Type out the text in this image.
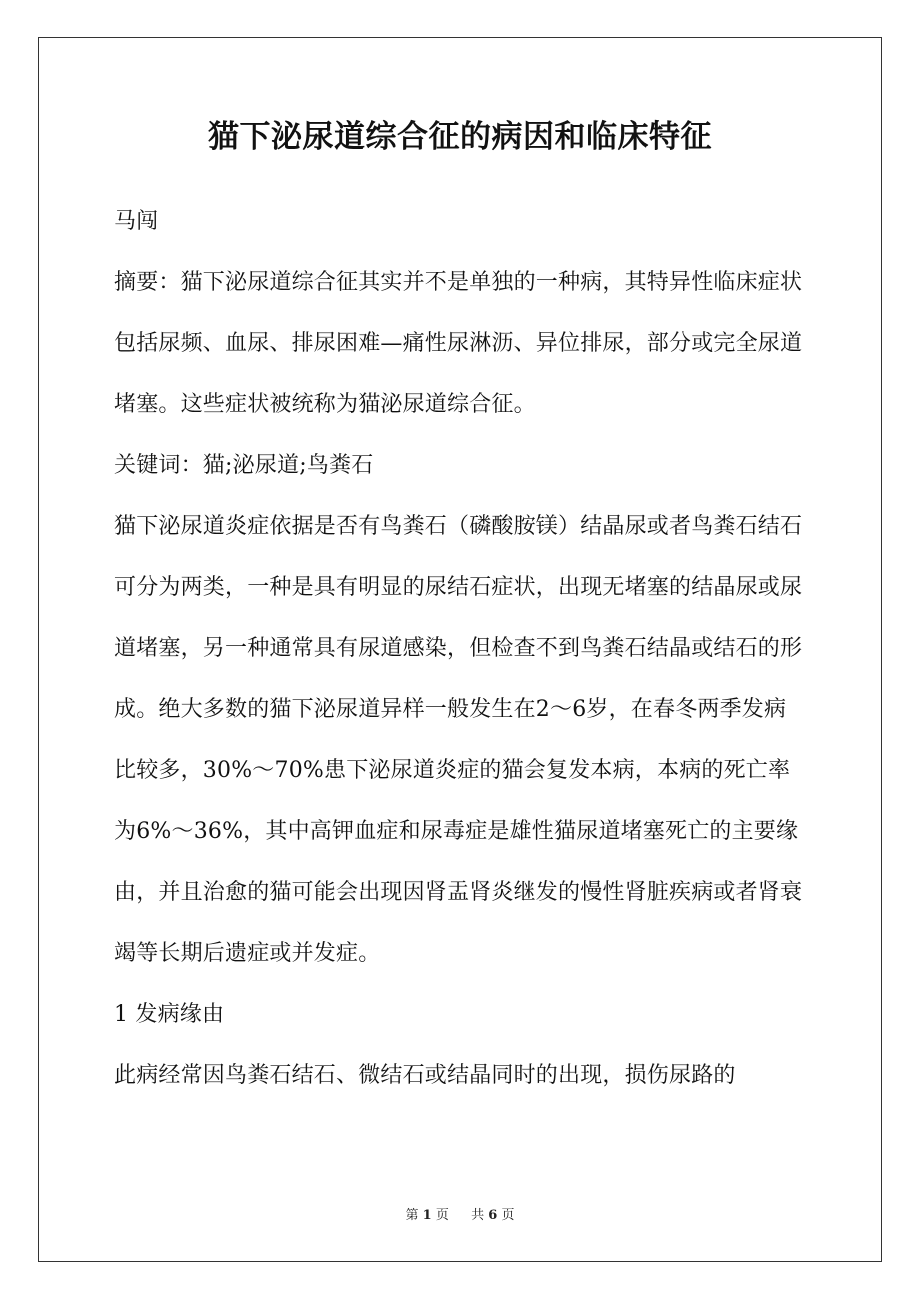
猫下泌尿道综合征的病因和临床特征

马闯

摘要：猫下泌尿道综合征其实并不是单独的一种病，其特异性临床症状包括尿频、血尿、排尿困难—痛性尿淋沥、异位排尿，部分或完全尿道堵塞。这些症状被统称为猫泌尿道综合征。

关键词：猫;泌尿道;鸟粪石

猫下泌尿道炎症依据是否有鸟粪石（磷酸胺镁）结晶尿或者鸟粪石结石可分为两类，一种是具有明显的尿结石症状，出现无堵塞的结晶尿或尿道堵塞，另一种通常具有尿道感染，但检查不到鸟粪石结晶或结石的形成。绝大多数的猫下泌尿道异样一般发生在2～6岁，在春冬两季发病比较多，30%～70%患下泌尿道炎症的猫会复发本病，本病的死亡率为6%～36%，其中高钾血症和尿毒症是雄性猫尿道堵塞死亡的主要缘由，并且治愈的猫可能会出现因肾盂肾炎继发的慢性肾脏疾病或者肾衰竭等长期后遗症或并发症。

1 发病缘由

此病经常因鸟粪石结石、微结石或结晶同时的出现，损伤尿路的

第 1 页 共 6 页
